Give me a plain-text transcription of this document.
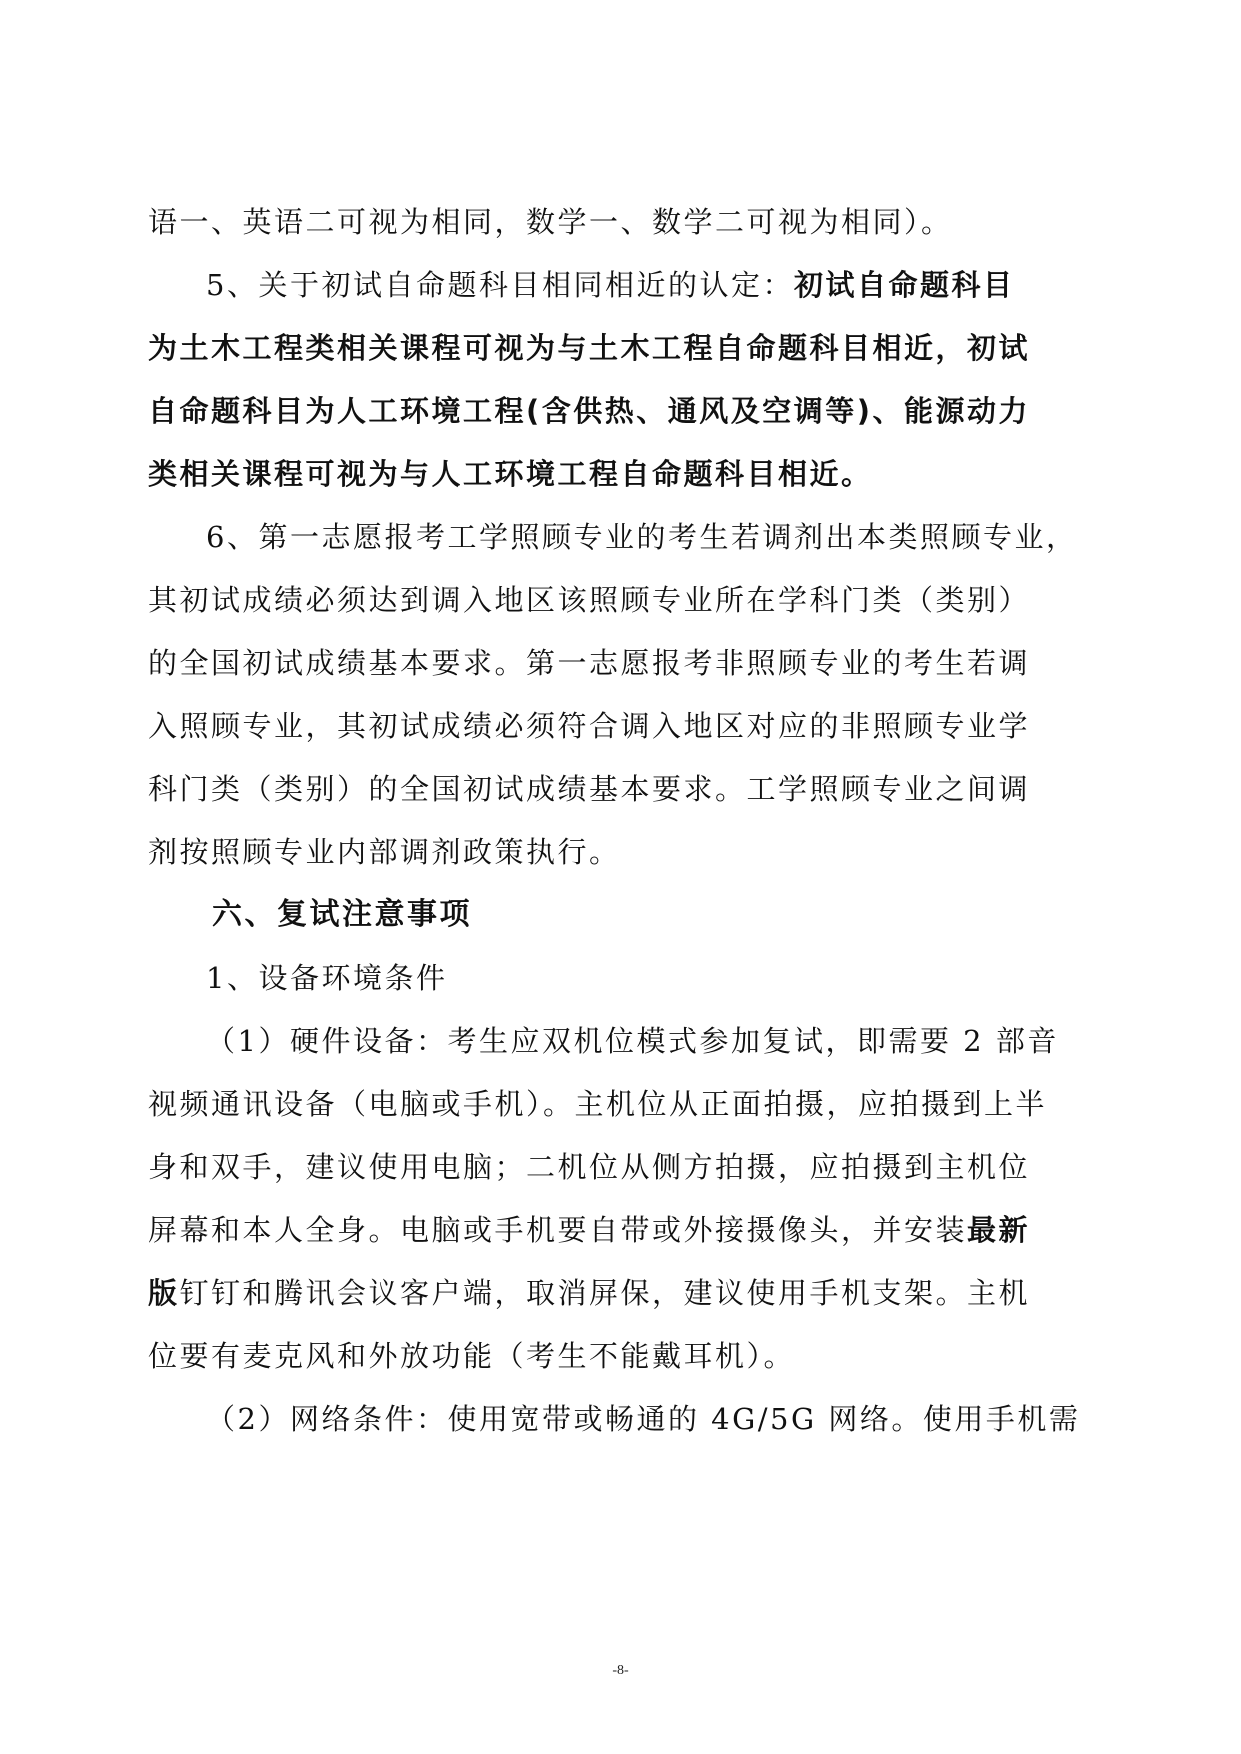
语一、英语二可视为相同，数学一、数学二可视为相同）。
5、关于初试自命题科目相同相近的认定：初试自命题科目
为土木工程类相关课程可视为与土木工程自命题科目相近，初试
自命题科目为人工环境工程(含供热、通风及空调等)、能源动力
类相关课程可视为与人工环境工程自命题科目相近。
6、第一志愿报考工学照顾专业的考生若调剂出本类照顾专业，
其初试成绩必须达到调入地区该照顾专业所在学科门类（类别）
的全国初试成绩基本要求。第一志愿报考非照顾专业的考生若调
入照顾专业，其初试成绩必须符合调入地区对应的非照顾专业学
科门类（类别）的全国初试成绩基本要求。工学照顾专业之间调
剂按照顾专业内部调剂政策执行。
六、复试注意事项
1、设备环境条件
（1）硬件设备：考生应双机位模式参加复试，即需要 2 部音
视频通讯设备（电脑或手机）。主机位从正面拍摄，应拍摄到上半
身和双手，建议使用电脑；二机位从侧方拍摄，应拍摄到主机位
屏幕和本人全身。电脑或手机要自带或外接摄像头，并安装最新
版钉钉和腾讯会议客户端，取消屏保，建议使用手机支架。主机
位要有麦克风和外放功能（考生不能戴耳机）。
（2）网络条件：使用宽带或畅通的 4G/5G 网络。使用手机需
-8-
